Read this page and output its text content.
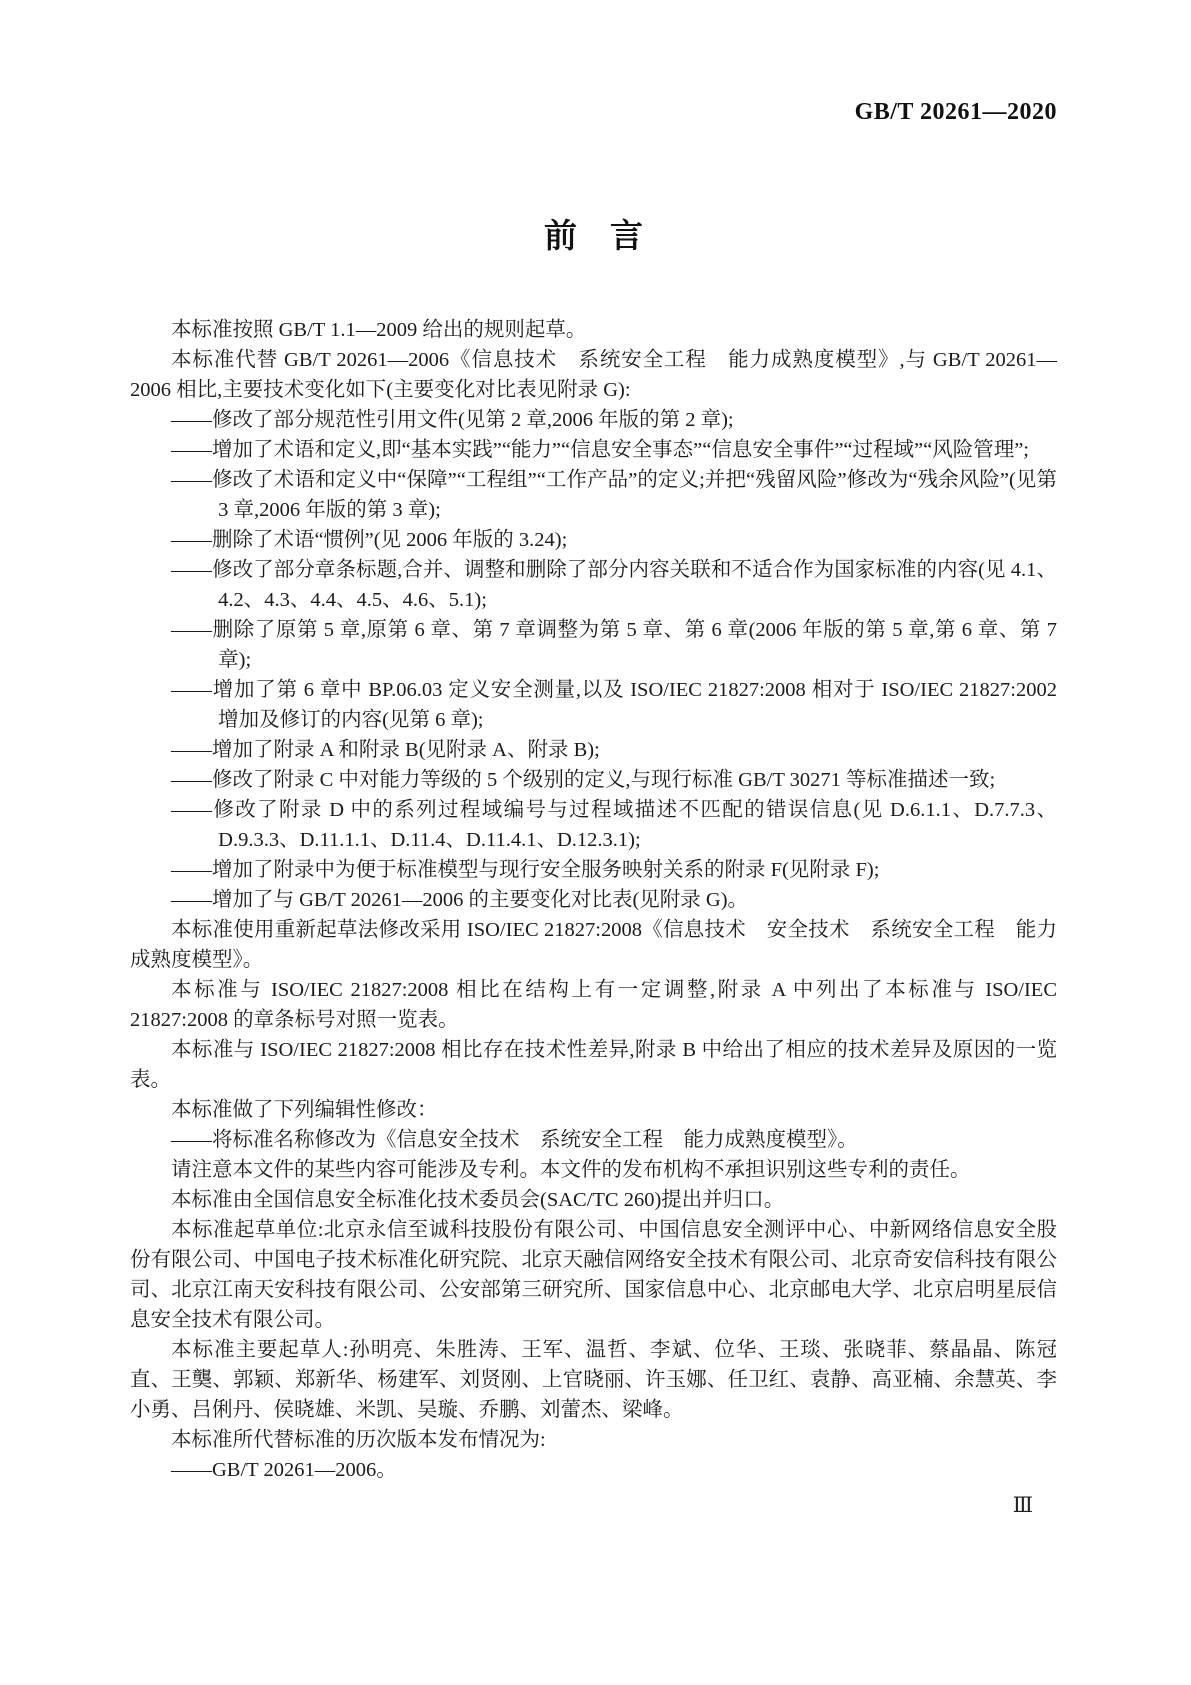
GB/T 20261—2020
前　言

本标准按照 GB/T 1.1—2009 给出的规则起草。

本标准代替 GB/T 20261—2006《信息技术　系统安全工程　能力成熟度模型》,与 GB/T 20261—2006 相比,主要技术变化如下(主要变化对比表见附录 G):

——修改了部分规范性引用文件(见第 2 章,2006 年版的第 2 章);

——增加了术语和定义,即“基本实践”“能力”“信息安全事态”“信息安全事件”“过程域”“风险管理”;

——修改了术语和定义中“保障”“工程组”“工作产品”的定义;并把“残留风险”修改为“残余风险”(见第 3 章,2006 年版的第 3 章);

——删除了术语“惯例”(见 2006 年版的 3.24);

——修改了部分章条标题,合并、调整和删除了部分内容关联和不适合作为国家标准的内容(见 4.1、4.2、4.3、4.4、4.5、4.6、5.1);

——删除了原第 5 章,原第 6 章、第 7 章调整为第 5 章、第 6 章(2006 年版的第 5 章,第 6 章、第 7 章);

——增加了第 6 章中 BP.06.03 定义安全测量,以及 ISO/IEC 21827:2008 相对于 ISO/IEC 21827:2002 增加及修订的内容(见第 6 章);

——增加了附录 A 和附录 B(见附录 A、附录 B);

——修改了附录 C 中对能力等级的 5 个级别的定义,与现行标准 GB/T 30271 等标准描述一致;

——修改了附录 D 中的系列过程域编号与过程域描述不匹配的错误信息(见 D.6.1.1、D.7.7.3、D.9.3.3、D.11.1.1、D.11.4、D.11.4.1、D.12.3.1);

——增加了附录中为便于标准模型与现行安全服务映射关系的附录 F(见附录 F);

——增加了与 GB/T 20261—2006 的主要变化对比表(见附录 G)。

本标准使用重新起草法修改采用 ISO/IEC 21827:2008《信息技术　安全技术　系统安全工程　能力成熟度模型》。

本标准与 ISO/IEC 21827:2008 相比在结构上有一定调整,附录 A 中列出了本标准与 ISO/IEC 21827:2008 的章条标号对照一览表。

本标准与 ISO/IEC 21827:2008 相比存在技术性差异,附录 B 中给出了相应的技术差异及原因的一览表。

本标准做了下列编辑性修改：

——将标准名称修改为《信息安全技术　系统安全工程　能力成熟度模型》。

请注意本文件的某些内容可能涉及专利。本文件的发布机构不承担识别这些专利的责任。

本标准由全国信息安全标准化技术委员会(SAC/TC 260)提出并归口。

本标准起草单位:北京永信至诚科技股份有限公司、中国信息安全测评中心、中新网络信息安全股份有限公司、中国电子技术标准化研究院、北京天融信网络安全技术有限公司、北京奇安信科技有限公司、北京江南天安科技有限公司、公安部第三研究所、国家信息中心、北京邮电大学、北京启明星辰信息安全技术有限公司。

本标准主要起草人:孙明亮、朱胜涛、王军、温哲、李斌、位华、王琰、张晓菲、蔡晶晶、陈冠直、王龑、郭颖、郑新华、杨建军、刘贤刚、上官晓丽、许玉娜、任卫红、袁静、高亚楠、余慧英、李小勇、吕俐丹、侯晓雄、米凯、吴璇、乔鹏、刘蕾杰、梁峰。

本标准所代替标准的历次版本发布情况为:

——GB/T 20261—2006。

Ⅲ
